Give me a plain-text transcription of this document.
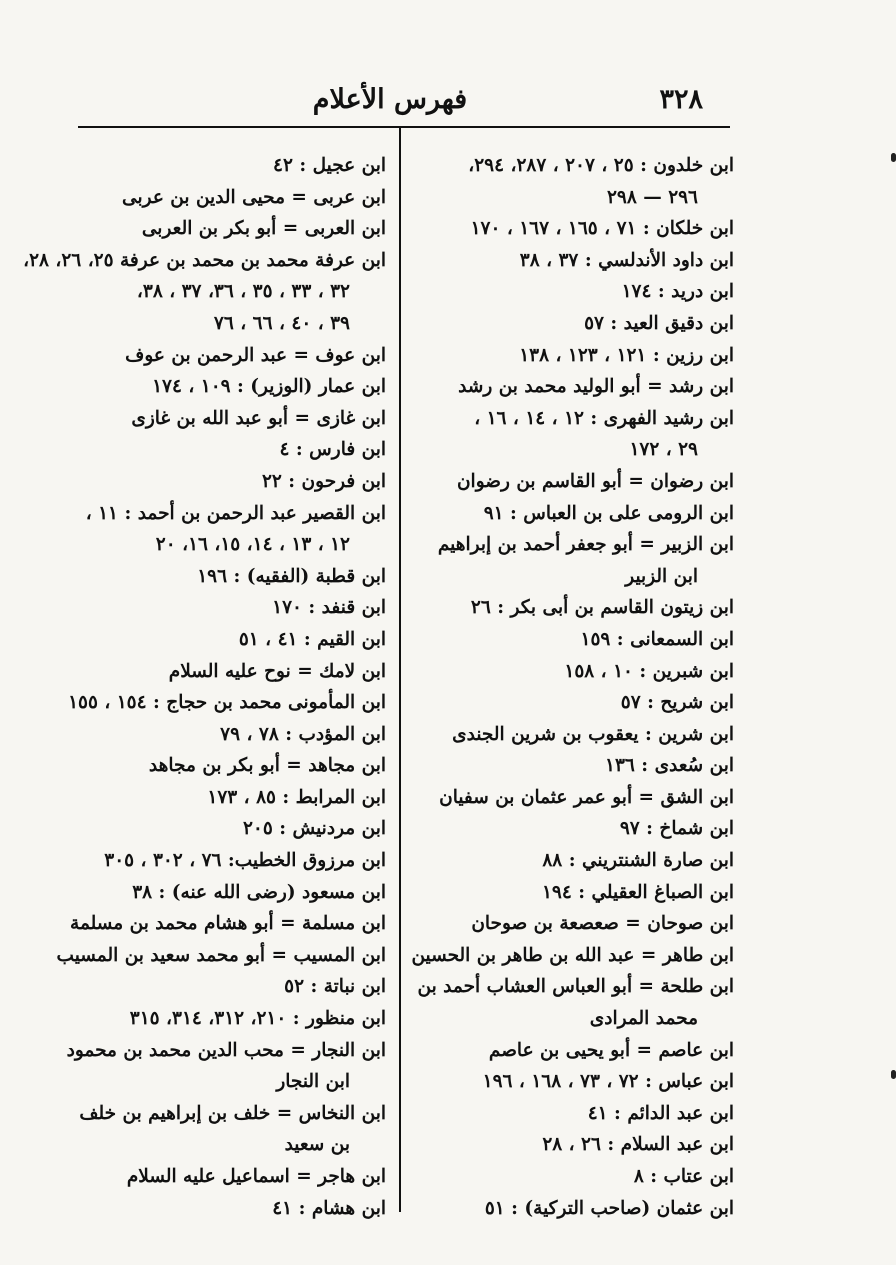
٣٢٨
فهرس الأعلام
ابن خلدون : ٢٥ ، ٢٠٧ ، ٢٨٧، ٢٩٤،
٢٩٦ — ٢٩٨
ابن خلكان : ٧١ ، ١٦٥ ، ١٦٧ ، ١٧٠
ابن داود الأندلسي : ٣٧ ، ٣٨
ابن دريد : ١٧٤
ابن دقيق العيد : ٥٧
ابن رزين : ١٢١ ، ١٢٣ ، ١٣٨
ابن رشد = أبو الوليد محمد بن رشد
ابن رشيد الفهرى : ١٢ ، ١٤ ، ١٦ ،
٢٩ ، ١٧٢
ابن رضوان = أبو القاسم بن رضوان
ابن الرومى على بن العباس : ٩١
ابن الزبير = أبو جعفر أحمد بن إبراهيم
ابن الزبير
ابن زيتون القاسم بن أبى بكر : ٢٦
ابن السمعانى : ١٥٩
ابن شبرين : ١٠ ، ١٥٨
ابن شريح : ٥٧
ابن شرين : يعقوب بن شرين الجندى
ابن سُعدى : ١٣٦
ابن الشق = أبو عمر عثمان بن سفيان
ابن شماخ : ٩٧
ابن صارة الشنتريني : ٨٨
ابن الصباغ العقيلي : ١٩٤
ابن صوحان = صعصعة بن صوحان
ابن طاهر = عبد الله بن طاهر بن الحسين
ابن طلحة = أبو العباس العشاب أحمد بن
محمد المرادى
ابن عاصم = أبو يحيى بن عاصم
ابن عباس : ٧٢ ، ٧٣ ، ١٦٨ ، ١٩٦
ابن عبد الدائم : ٤١
ابن عبد السلام : ٢٦ ، ٢٨
ابن عتاب : ٨
ابن عثمان (صاحب التركية) : ٥١
ابن عجيل : ٤٢
ابن عربى = محيى الدين بن عربى
ابن العربى = أبو بكر بن العربى
ابن عرفة محمد بن محمد بن عرفة ٢٥، ٢٦، ٢٨،
٣٢ ، ٣٣ ، ٣٥ ، ٣٦، ٣٧ ، ٣٨،
٣٩ ، ٤٠ ، ٦٦ ، ٧٦
ابن عوف = عبد الرحمن بن عوف
ابن عمار (الوزير) : ١٠٩ ، ١٧٤
ابن غازى = أبو عبد الله بن غازى
ابن فارس : ٤
ابن فرحون : ٢٢
ابن القصير عبد الرحمن بن أحمد : ١١ ،
١٢ ، ١٣ ، ١٤، ١٥، ١٦، ٢٠
ابن قطبة (الفقيه) : ١٩٦
ابن قنفد : ١٧٠
ابن القيم : ٤١ ، ٥١
ابن لامك = نوح عليه السلام
ابن المأمونى محمد بن حجاج : ١٥٤ ، ١٥٥
ابن المؤدب : ٧٨ ، ٧٩
ابن مجاهد = أبو بكر بن مجاهد
ابن المرابط : ٨٥ ، ١٧٣
ابن مردنيش : ٢٠٥
ابن مرزوق الخطيب: ٧٦ ، ٣٠٢ ، ٣٠٥
ابن مسعود (رضى الله عنه) : ٣٨
ابن مسلمة = أبو هشام محمد بن مسلمة
ابن المسيب = أبو محمد سعيد بن المسيب
ابن نباتة : ٥٢
ابن منظور : ٢١٠، ٣١٢، ٣١٤، ٣١٥
ابن النجار = محب الدين محمد بن محمود
ابن النجار
ابن النخاس = خلف بن إبراهيم بن خلف
بن سعيد
ابن هاجر = اسماعيل عليه السلام
ابن هشام : ٤١
